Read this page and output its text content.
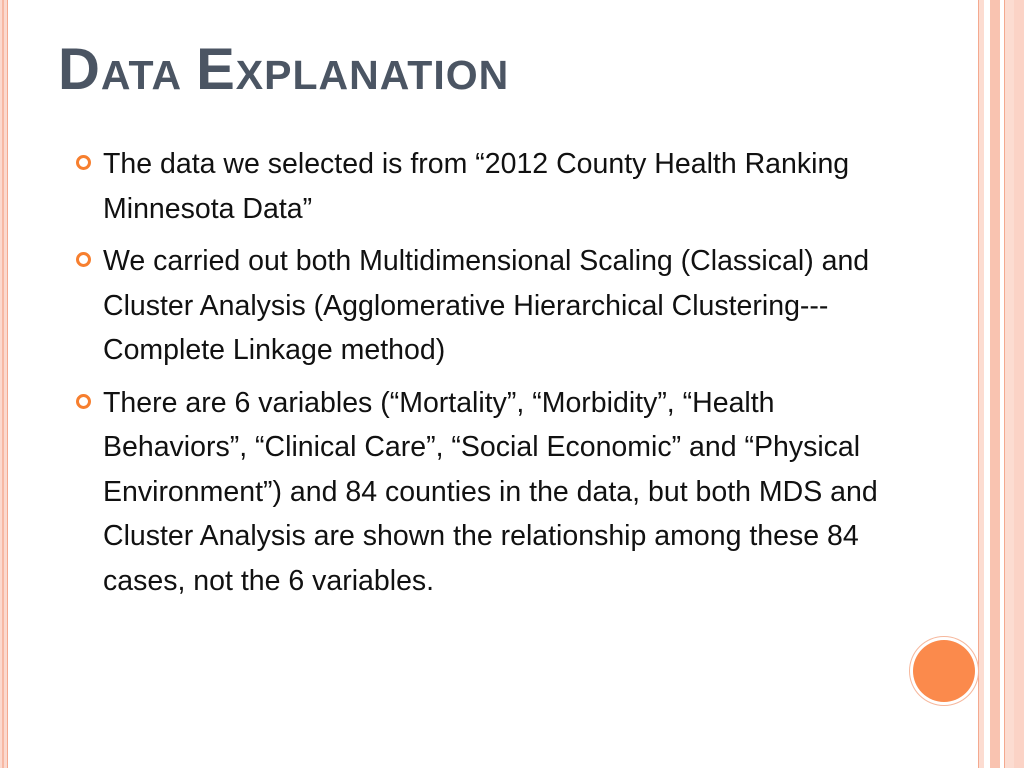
Data Explanation
The data we selected is from “2012 County Health Ranking Minnesota Data”
We carried out both Multidimensional Scaling (Classical) and Cluster Analysis (Agglomerative Hierarchical Clustering---Complete Linkage method)
There are 6 variables (“Mortality”, “Morbidity”, “Health Behaviors”, “Clinical Care”, “Social Economic” and “Physical Environment”) and 84 counties in the data, but both MDS and Cluster Analysis are shown the relationship among these 84 cases, not the 6 variables.
